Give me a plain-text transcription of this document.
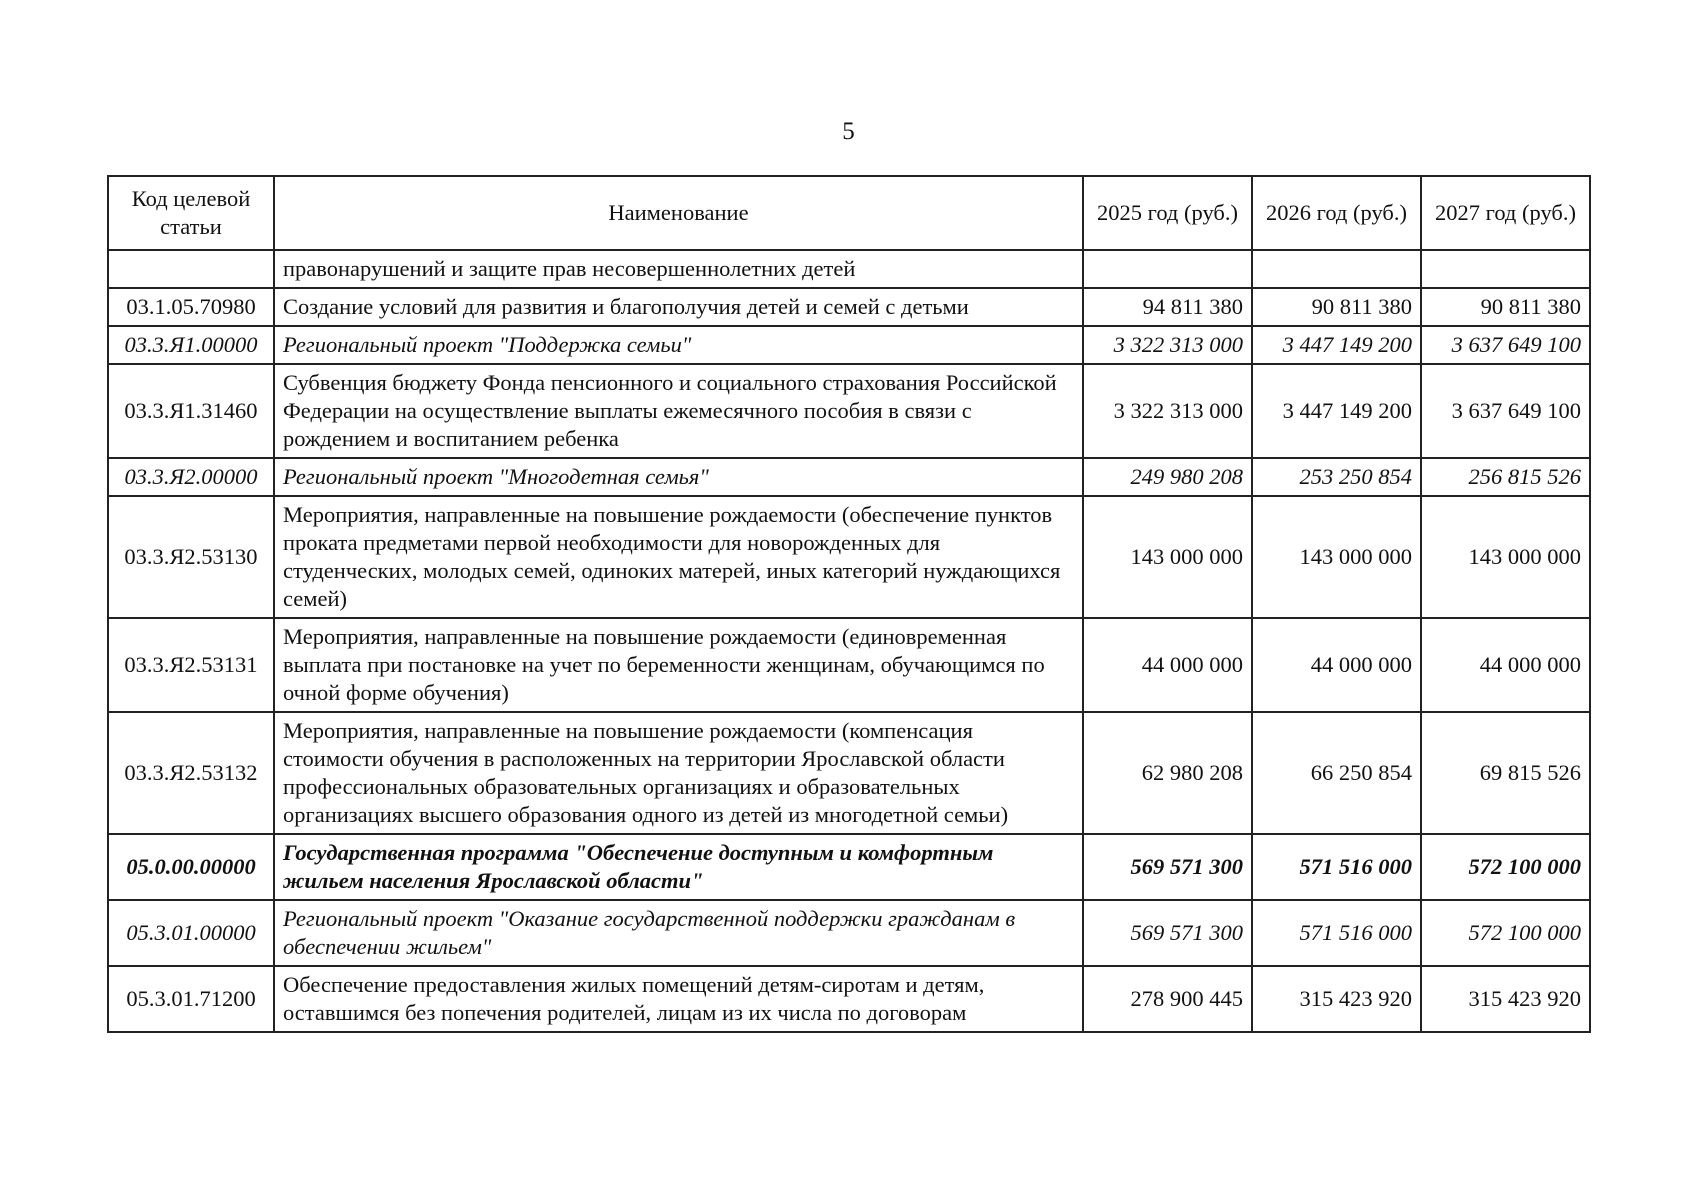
5
Код целевой статьи	Наименование	2025 год (руб.)	2026 год (руб.)	2027 год (руб.)
	правонарушений и защите прав несовершеннолетних детей			
03.1.05.70980	Создание условий для развития и благополучия детей и семей с детьми	94 811 380	90 811 380	90 811 380
03.3.Я1.00000	Региональный проект "Поддержка семьи"	3 322 313 000	3 447 149 200	3 637 649 100
03.3.Я1.31460	Субвенция бюджету Фонда пенсионного и социального страхования Российской Федерации на осуществление выплаты ежемесячного пособия в связи с рождением и воспитанием ребенка	3 322 313 000	3 447 149 200	3 637 649 100
03.3.Я2.00000	Региональный проект "Многодетная семья"	249 980 208	253 250 854	256 815 526
03.3.Я2.53130	Мероприятия, направленные на повышение рождаемости (обеспечение пунктов проката предметами первой необходимости для новорожденных для студенческих, молодых семей, одиноких матерей, иных категорий нуждающихся семей)	143 000 000	143 000 000	143 000 000
03.3.Я2.53131	Мероприятия, направленные на повышение рождаемости (единовременная выплата при постановке на учет по беременности женщинам, обучающимся по очной форме обучения)	44 000 000	44 000 000	44 000 000
03.3.Я2.53132	Мероприятия, направленные на повышение рождаемости (компенсация стоимости обучения в расположенных на территории Ярославской области профессиональных образовательных организациях и образовательных организациях высшего образования одного из детей из многодетной семьи)	62 980 208	66 250 854	69 815 526
05.0.00.00000	Государственная программа "Обеспечение доступным и комфортным жильем населения Ярославской области"	569 571 300	571 516 000	572 100 000
05.3.01.00000	Региональный проект "Оказание государственной поддержки гражданам в обеспечении жильем"	569 571 300	571 516 000	572 100 000
05.3.01.71200	Обеспечение предоставления жилых помещений детям-сиротам и детям, оставшимся без попечения родителей, лицам из их числа по договорам	278 900 445	315 423 920	315 423 920
